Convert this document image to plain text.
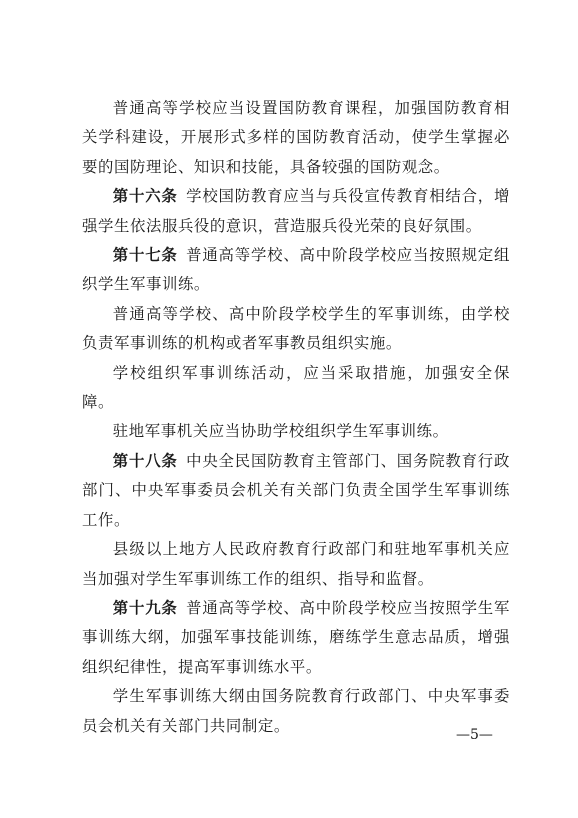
普通高等学校应当设置国防教育课程，加强国防教育相关学科建设，开展形式多样的国防教育活动，使学生掌握必要的国防理论、知识和技能，具备较强的国防观念。

第十六条  学校国防教育应当与兵役宣传教育相结合，增强学生依法服兵役的意识，营造服兵役光荣的良好氛围。

第十七条  普通高等学校、高中阶段学校应当按照规定组织学生军事训练。

普通高等学校、高中阶段学校学生的军事训练，由学校负责军事训练的机构或者军事教员组织实施。

学校组织军事训练活动，应当采取措施，加强安全保障。

驻地军事机关应当协助学校组织学生军事训练。

第十八条  中央全民国防教育主管部门、国务院教育行政部门、中央军事委员会机关有关部门负责全国学生军事训练工作。

县级以上地方人民政府教育行政部门和驻地军事机关应当加强对学生军事训练工作的组织、指导和监督。

第十九条  普通高等学校、高中阶段学校应当按照学生军事训练大纲，加强军事技能训练，磨练学生意志品质，增强组织纪律性，提高军事训练水平。

学生军事训练大纲由国务院教育行政部门、中央军事委员会机关有关部门共同制定。

—5—
